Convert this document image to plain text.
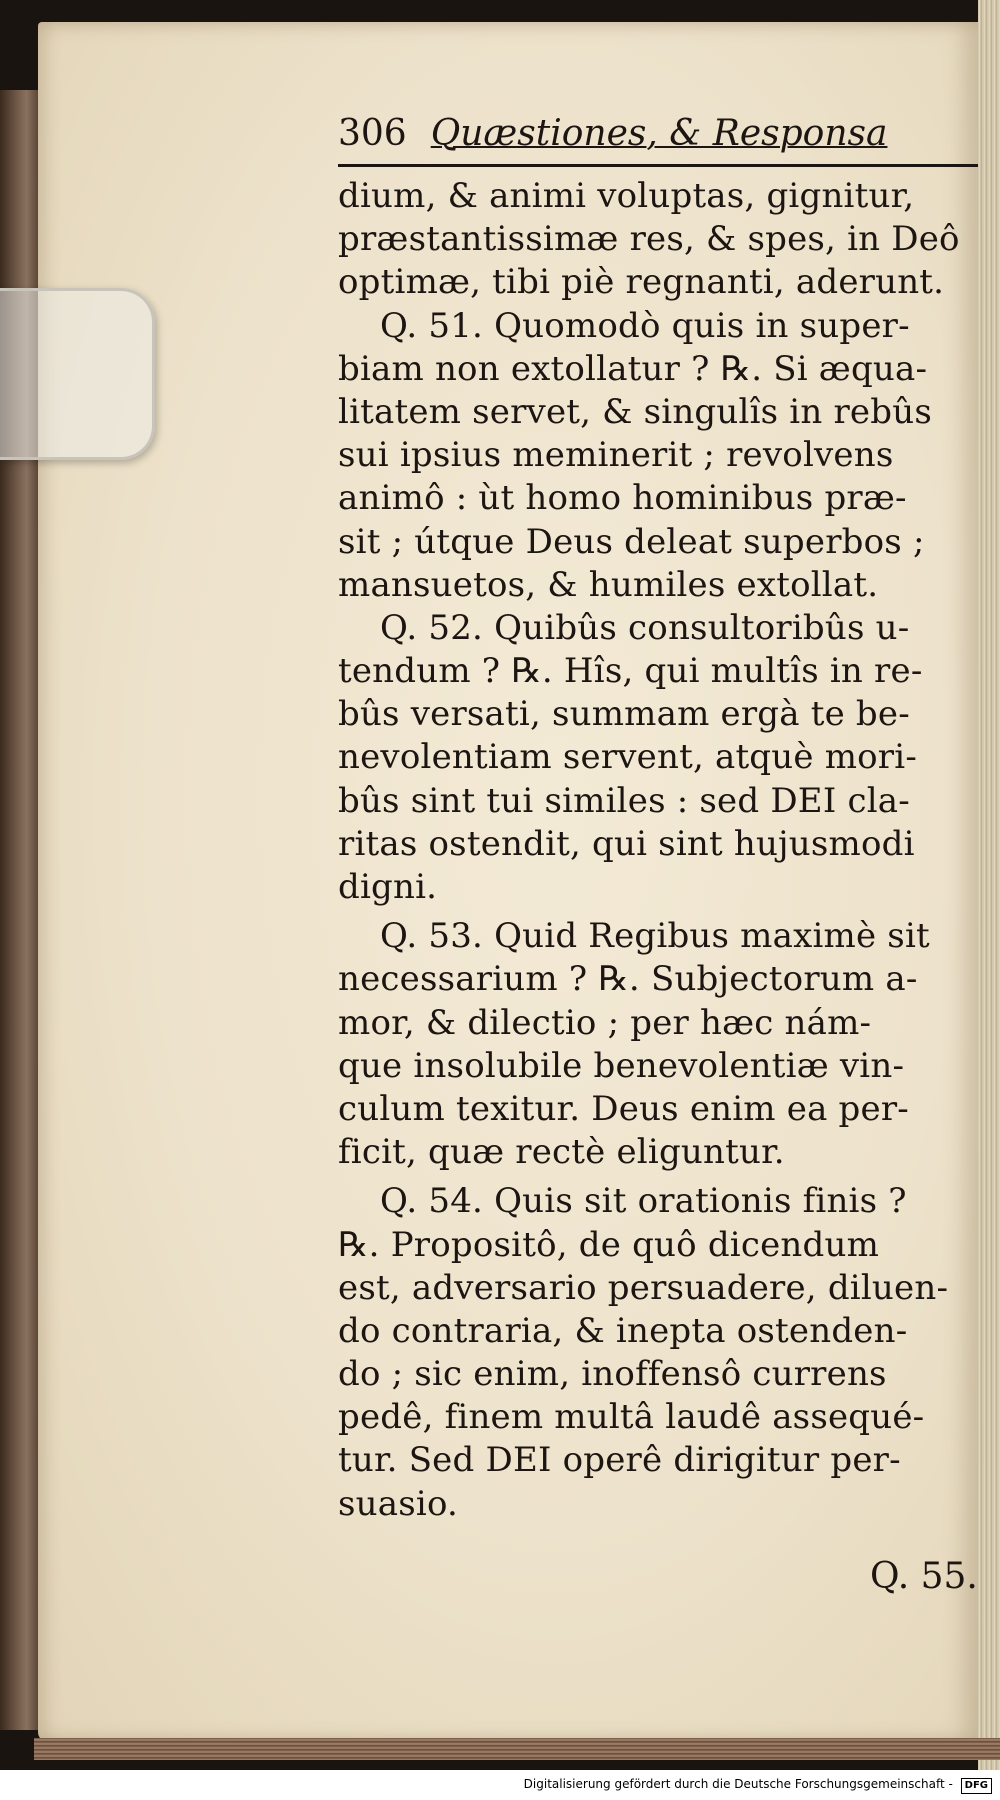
306 Quæstiones, & Responsa
dium, & animi voluptas, gignitur,
præstantissimæ res, & spes, in Deô
optimæ, tibi piè regnanti, aderunt.
Q. 51. Quomodò quis in super-
biam non extollatur ? ℞. Si æqua-
litatem servet, & singulîs in rebûs
sui ipsius meminerit ; revolvens
animô : ùt homo hominibus præ-
sit ; útque Deus deleat superbos ;
mansuetos, & humiles extollat.
Q. 52. Quibûs consultoribûs u-
tendum ? ℞. Hîs, qui multîs in re-
bûs versati, summam ergà te be-
nevolentiam servent, atquè mori-
bûs sint tui similes : sed DEI cla-
ritas ostendit, qui sint hujusmodi
digni.
Q. 53. Quid Regibus maximè sit
necessarium ? ℞. Subjectorum a-
mor, & dilectio ; per hæc nám-
que insolubile benevolentiæ vin-
culum texitur. Deus enim ea per-
ficit, quæ rectè eliguntur.
Q. 54. Quis sit orationis finis ?
℞. Propositô, de quô dicendum
est, adversario persuadere, diluen-
do contraria, & inepta ostenden-
do ; sic enim, inoffensô currens
pedê, finem multâ laudê assequé-
tur. Sed DEI operê dirigitur per-
suasio.
Q. 55.
Digitalisierung gefördert durch die Deutsche Forschungsgemeinschaft - DFG
